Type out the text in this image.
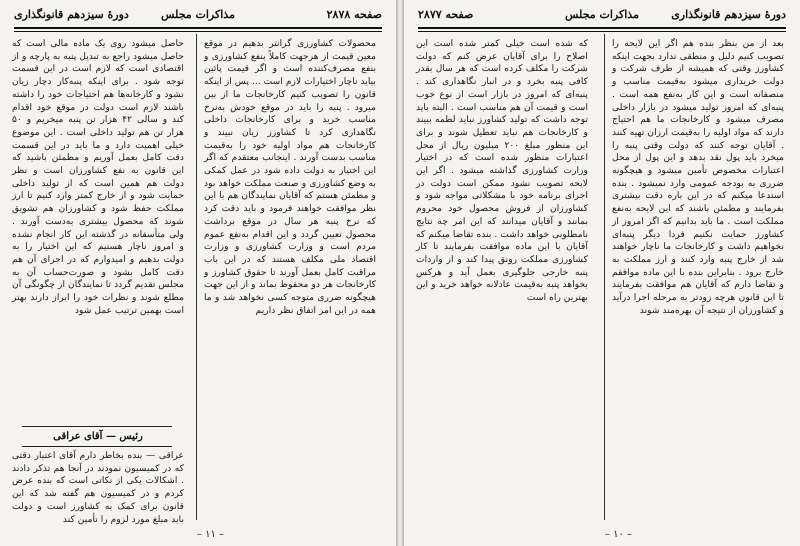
صفحه ۲۸۷۸
مذاکرات مجلس
دورهٔ سیزدهم قانونگذاری

محصولات کشاورزی گرانتر بدهیم در موقع معین قیمت از هرجهت کاملاً بنفع کشاورزی و بنفع مصرف‌کننده است و اگر قیمت پائین بیاید ناچار اختیارات لازم است ... پس از اینکه قانون را تصویب کنیم کارخانجات ما از بین میرود . پنبه را باید در موقع خودش به‌نرخ مناسب خرید و برای کارخانجات داخلی نگاهداری کرد تا کشاورز زیان نبیند و کارخانجات هم مواد اولیه خود را به‌قیمت مناسب بدست آورند . اینجانب معتقدم که اگر این اختیار به دولت داده شود در عمل کمکی به وضع کشاورزی و صنعت مملکت خواهد بود و مطمئن هستم که آقایان نمایندگان هم با این نظر موافقت خواهند فرمود و باید دقت کرد که نرخ پنبه هر سال در موقع برداشت محصول تعیین گردد و این اقدام به‌نفع عموم مردم است و وزارت کشاورزی و وزارت اقتصاد ملی مکلف هستند که در این باب مراقبت کامل بعمل آورند تا حقوق کشاورز و کارخانجات هر دو محفوظ بماند و از این جهت هیچگونه ضرری متوجه کسی نخواهد شد و ما همه در این امر اتفاق نظر داریم

حاصل میشود روی یک ماده مالی است که حاصل میشود راجع به تبدیل پنبه به پارچه و از اقتصادی است که لازم است در این قسمت توجه شود . برای اینکه پنبه‌کار دچار زیان نشود و کارخانه‌ها هم احتیاجات خود را داشته باشند لازم است دولت در موقع خود اقدام کند و سالی ۴۲ هزار تن پنبه میخریم و ۵۰ هزار تن هم تولید داخلی است . این موضوع خیلی اهمیت دارد و ما باید در این قسمت دقت کامل بعمل آوریم و مطمئن باشید که این قانون به نفع کشاورزان است و نظر دولت هم همین است که از تولید داخلی حمایت شود و از خارج کمتر وارد کنیم تا ارز مملکت حفظ شود و کشاورزان هم تشویق شوند که محصول بیشتری به‌دست آورند . ولی متأسفانه در گذشته این کار انجام نشده و امروز ناچار هستیم که این اختیار را به دولت بدهیم و امیدوارم که در اجرای آن هم دقت کامل بشود و صورت‌حساب آن به مجلس تقدیم گردد تا نمایندگان از چگونگی آن مطلع شوند و نظرات خود را ابراز دارند بهتر است بهمین ترتیب عمل شود

رئیس — آقای عراقی

عراقی — بنده بخاطر دارم آقای اعتبار دقتی که در کمیسیون نمودند در آنجا هم تذکر دادند . اشکالات یکی از نکاتی است که بنده عرض کردم و در کمیسیون هم گفته شد که این قانون برای کمک به کشاورز است و دولت باید مبلغ مورد لزوم را تأمین کند

– ۱۱ –
دورهٔ سیزدهم قانونگذاری
مذاکرات مجلس
صفحه ۲۸۷۷

بعد از من بنظر بنده هم اگر این لایحه را تصویب کنیم دلیل و منطقی ندارد بجهت اینکه کشاورز وقتی که همیشه از طرف شرکت و دولت خریداری میشود به‌قیمت مناسب و منصفانه است و این کار به‌نفع همه است . پنبه‌ای که امروز تولید میشود در بازار داخلی مصرف میشود و کارخانجات ما هم احتیاج دارند که مواد اولیه را به‌قیمت ارزان تهیه کنند . آقایان توجه کنند که دولت وقتی پنبه را میخرد باید پول نقد بدهد و این پول از محل اعتبارات مخصوص تأمین میشود و هیچگونه ضرری به بودجه عمومی وارد نمیشود . بنده استدعا میکنم که در این باره دقت بیشتری بفرمایند و مطمئن باشند که این لایحه به‌نفع مملکت است . ما باید بدانیم که اگر امروز از کشاورز حمایت نکنیم فردا دیگر پنبه‌ای نخواهیم داشت و کارخانجات ما ناچار خواهند شد از خارج پنبه وارد کنند و ارز مملکت به خارج برود . بنابراین بنده با این ماده موافقم و تقاضا دارم که آقایان هم موافقت بفرمایند تا این قانون هرچه زودتر به مرحله اجرا درآید و کشاورزان از نتیجه آن بهره‌مند شوند

که شده است خیلی کمتر شده است این اصلاح را برای آقایان عرض کنم که دولت شرکت را مکلف کرده است که هر سال بقدر کافی پنبه بخرد و در انبار نگاهداری کند . پنبه‌ای که امروز در بازار است از نوع خوب است و قیمت آن هم مناسب است . البته باید توجه داشت که تولید کشاورز نباید لطمه ببیند و کارخانجات هم نباید تعطیل شوند و برای این منظور مبلغ ۲۰۰ میلیون ریال از محل اعتبارات منظور شده است که در اختیار وزارت کشاورزی گذاشته میشود . اگر این لایحه تصویب نشود ممکن است دولت در اجرای برنامه خود با مشکلاتی مواجه شود و کشاورزان از فروش محصول خود محروم بمانند و آقایان میدانند که این امر چه نتایج نامطلوبی خواهد داشت . بنده تقاضا میکنم که آقایان با این ماده موافقت بفرمایند تا کار کشاورزی مملکت رونق پیدا کند و از واردات پنبه خارجی جلوگیری بعمل آید و هرکس بخواهد پنبه به‌قیمت عادلانه خواهد خرید و این بهترین راه است

– ۱۰ –
